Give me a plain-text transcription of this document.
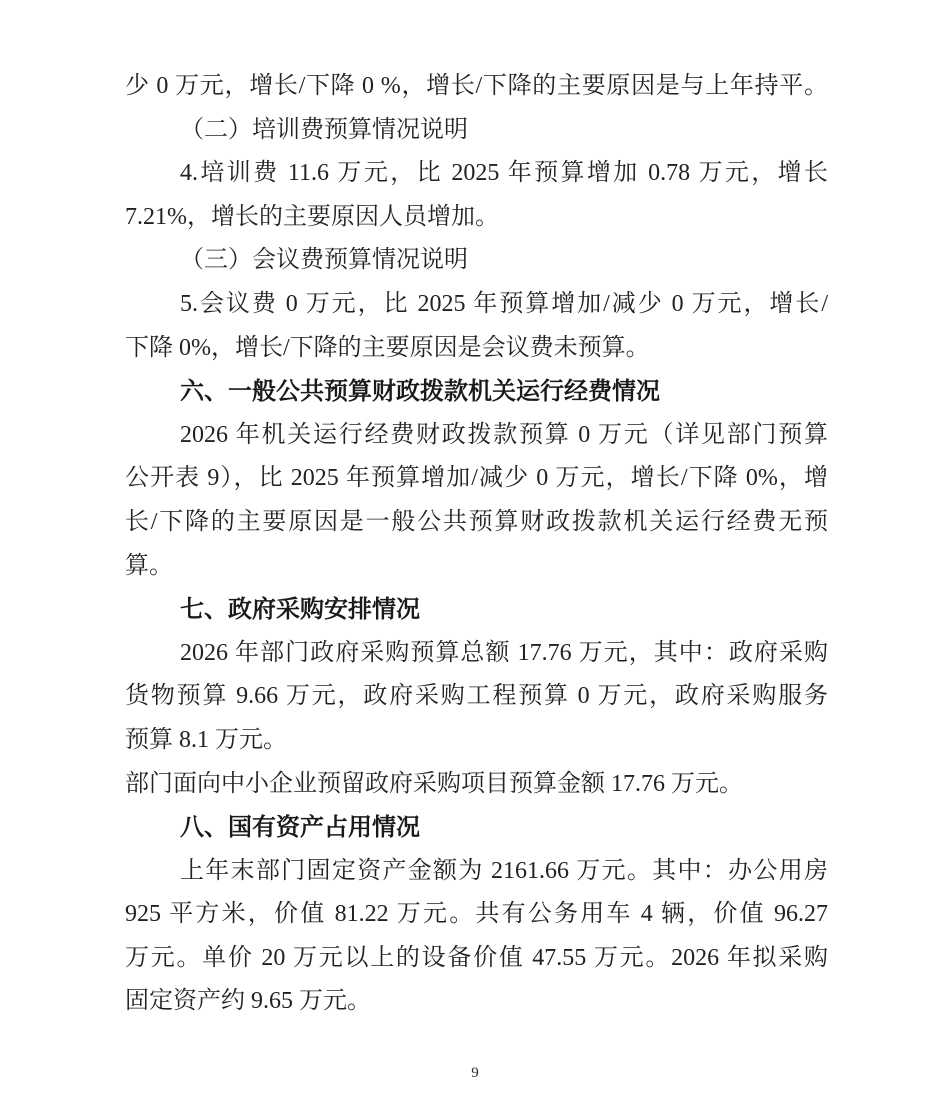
少 0 万元，增长/下降 0 %，增长/下降的主要原因是与上年持平。
（二）培训费预算情况说明
4.培训费 11.6 万元，比 2025 年预算增加 0.78 万元，增长
7.21%，增长的主要原因人员增加。
（三）会议费预算情况说明
5.会议费 0 万元，比 2025 年预算增加/减少 0 万元，增长/
下降 0%，增长/下降的主要原因是会议费未预算。
六、一般公共预算财政拨款机关运行经费情况
2026 年机关运行经费财政拨款预算 0 万元（详见部门预算
公开表 9），比 2025 年预算增加/减少 0 万元，增长/下降 0%，增
长/下降的主要原因是一般公共预算财政拨款机关运行经费无预
算。
七、政府采购安排情况
2026 年部门政府采购预算总额 17.76 万元，其中：政府采购
货物预算 9.66 万元，政府采购工程预算 0 万元，政府采购服务
预算 8.1 万元。
部门面向中小企业预留政府采购项目预算金额 17.76 万元。
八、国有资产占用情况
上年末部门固定资产金额为 2161.66 万元。其中：办公用房
925 平方米，价值 81.22 万元。共有公务用车 4 辆，价值 96.27
万元。单价 20 万元以上的设备价值 47.55 万元。2026 年拟采购
固定资产约 9.65 万元。
9
